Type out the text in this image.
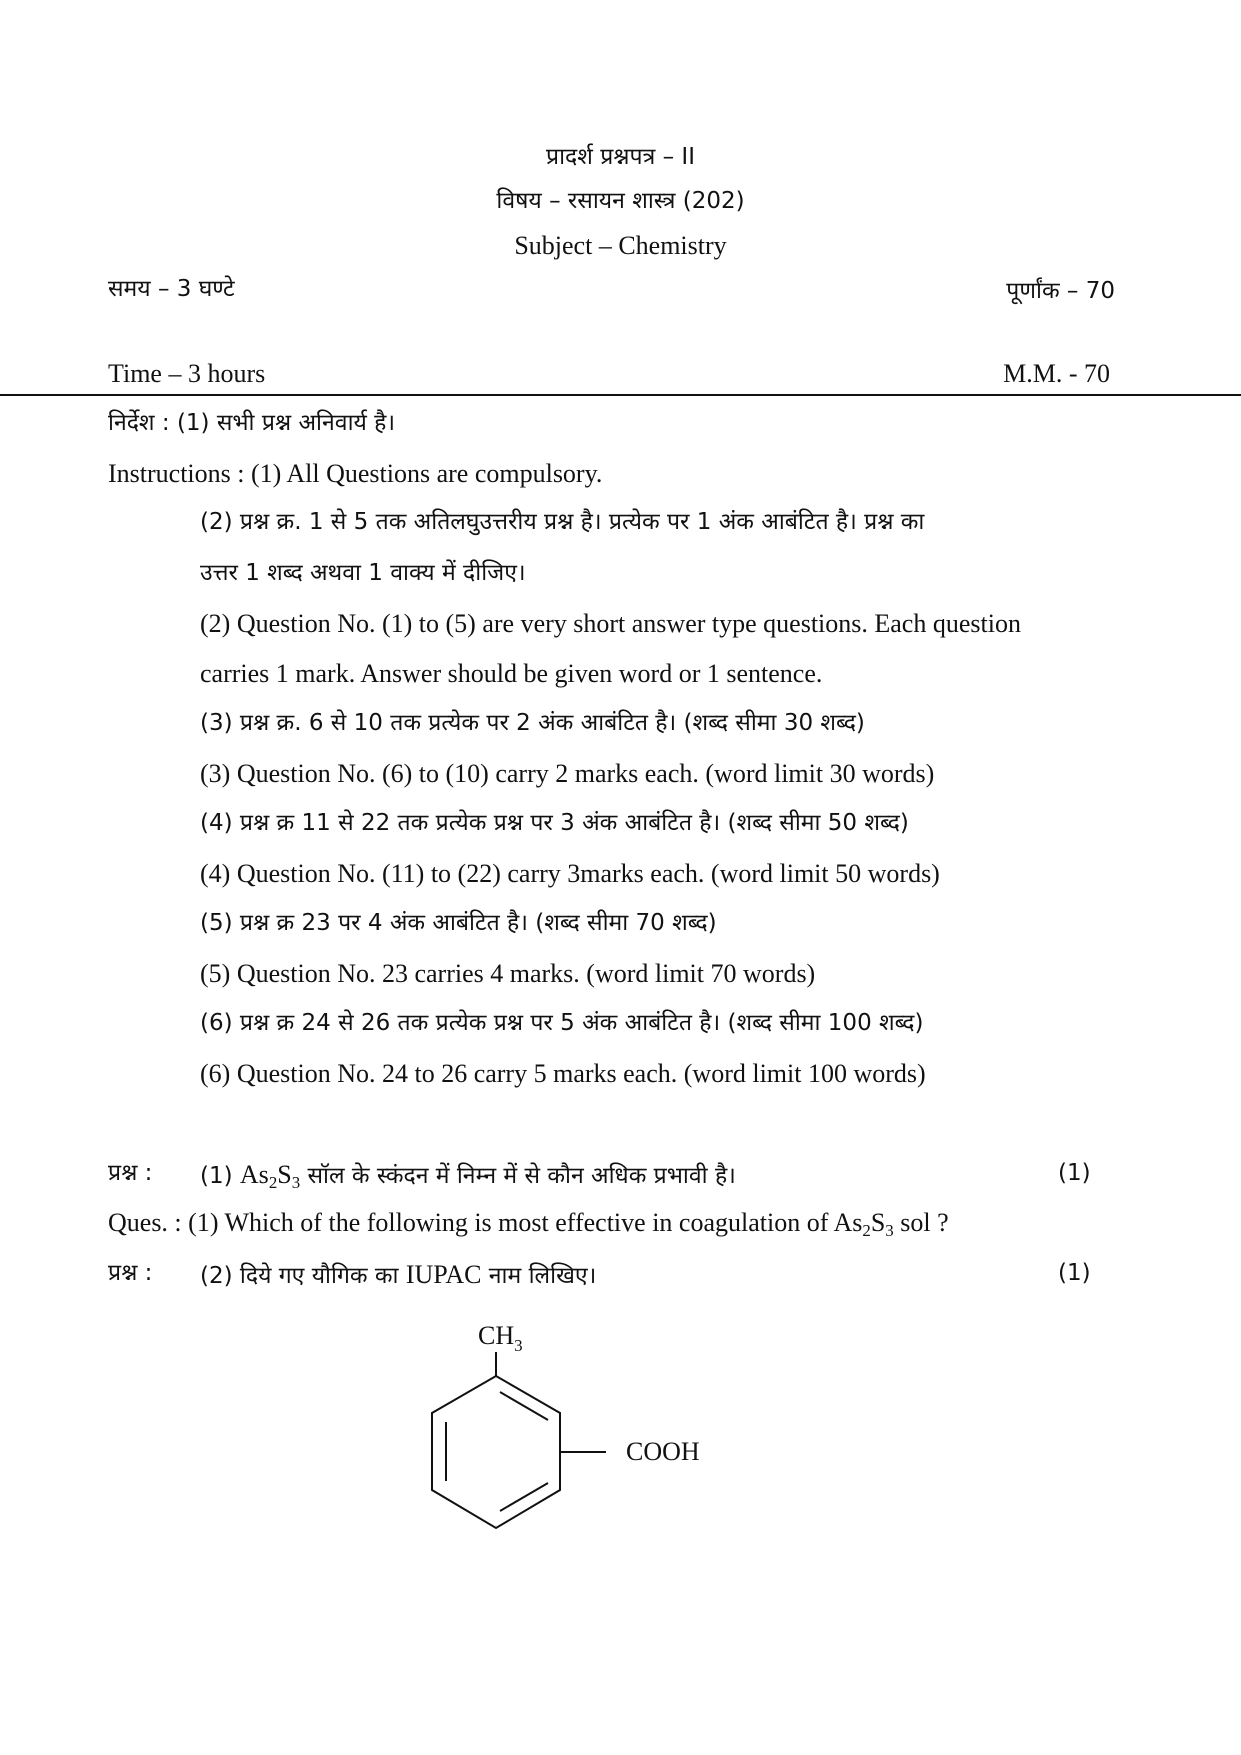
प्रादर्श प्रश्नपत्र – II
विषय – रसायन शास्त्र (202)
Subject – Chemistry
समय – 3 घण्टे	पूर्णांक – 70
Time – 3 hours	M.M. - 70
निर्देश : (1) सभी प्रश्न अनिवार्य है।
Instructions : (1) All Questions are compulsory.
(2) प्रश्न क्र. 1 से 5 तक अतिलघुउत्तरीय प्रश्न है। प्रत्येक पर 1 अंक आबंटित है। प्रश्न का
उत्तर 1 शब्द अथवा 1 वाक्य में दीजिए।
(2) Question No. (1) to (5) are very short answer type questions. Each question
carries 1 mark. Answer should be given word or 1 sentence.
(3) प्रश्न क्र. 6 से 10 तक प्रत्येक पर 2 अंक आबंटित है। (शब्द सीमा 30 शब्द)
(3) Question No. (6) to (10) carry 2 marks each. (word limit 30 words)
(4) प्रश्न क्र 11 से 22 तक प्रत्येक प्रश्न पर 3 अंक आबंटित है। (शब्द सीमा 50 शब्द)
(4) Question No. (11) to (22) carry 3marks each. (word limit 50 words)
(5) प्रश्न क्र 23 पर 4 अंक आबंटित है। (शब्द सीमा 70 शब्द)
(5) Question No. 23 carries 4 marks. (word limit 70 words)
(6) प्रश्न क्र 24 से 26 तक प्रत्येक प्रश्न पर 5 अंक आबंटित है। (शब्द सीमा 100 शब्द)
(6) Question No. 24 to 26 carry 5 marks each. (word limit 100 words)
प्रश्न : (1) $As_2S_3$ सॉल के स्कंदन में निम्न में से कौन अधिक प्रभावी है।	(1)
Ques. : (1) Which of the following is most effective in coagulation of $As_2S_3$ sol ?
प्रश्न : (2) दिये गए यौगिक का IUPAC नाम लिखिए।	(1)
$CH_3$
COOH
